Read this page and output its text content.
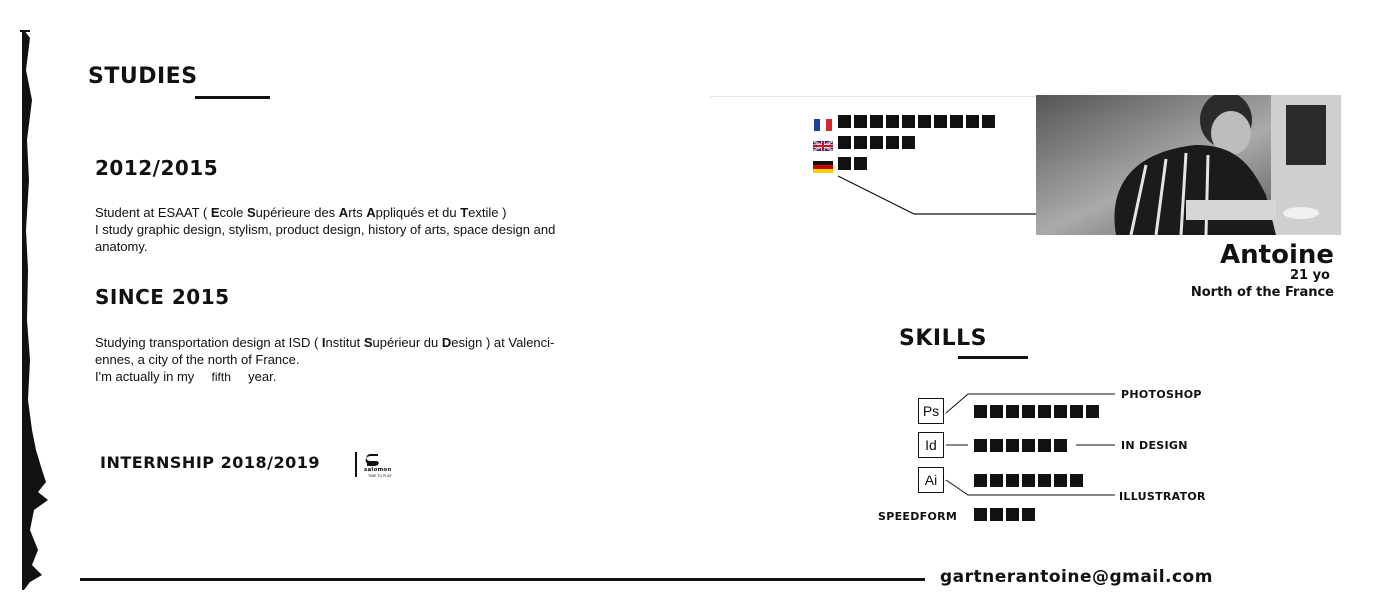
STUDIES
2012/2015
Student at ESAAT ( Ecole Supérieure des Arts Appliqués et du Textile )
I study graphic design, stylism, product design, history of arts, space design and
anatomy.
SINCE 2015
Studying transportation design at ISD ( Institut Supérieur du Design ) at Valenci-
ennes, a city of the north of France.
I'm actually in my fifth year.
INTERNSHIP 2018/2019	salomon
TIME TO PLAY
Antoine
21 yo
North of the France
SKILLS
Ps
PHOTOSHOP
Id	IN DESIGN
Ai
ILLUSTRATOR
SPEEDFORM
gartnerantoine@gmail.com
